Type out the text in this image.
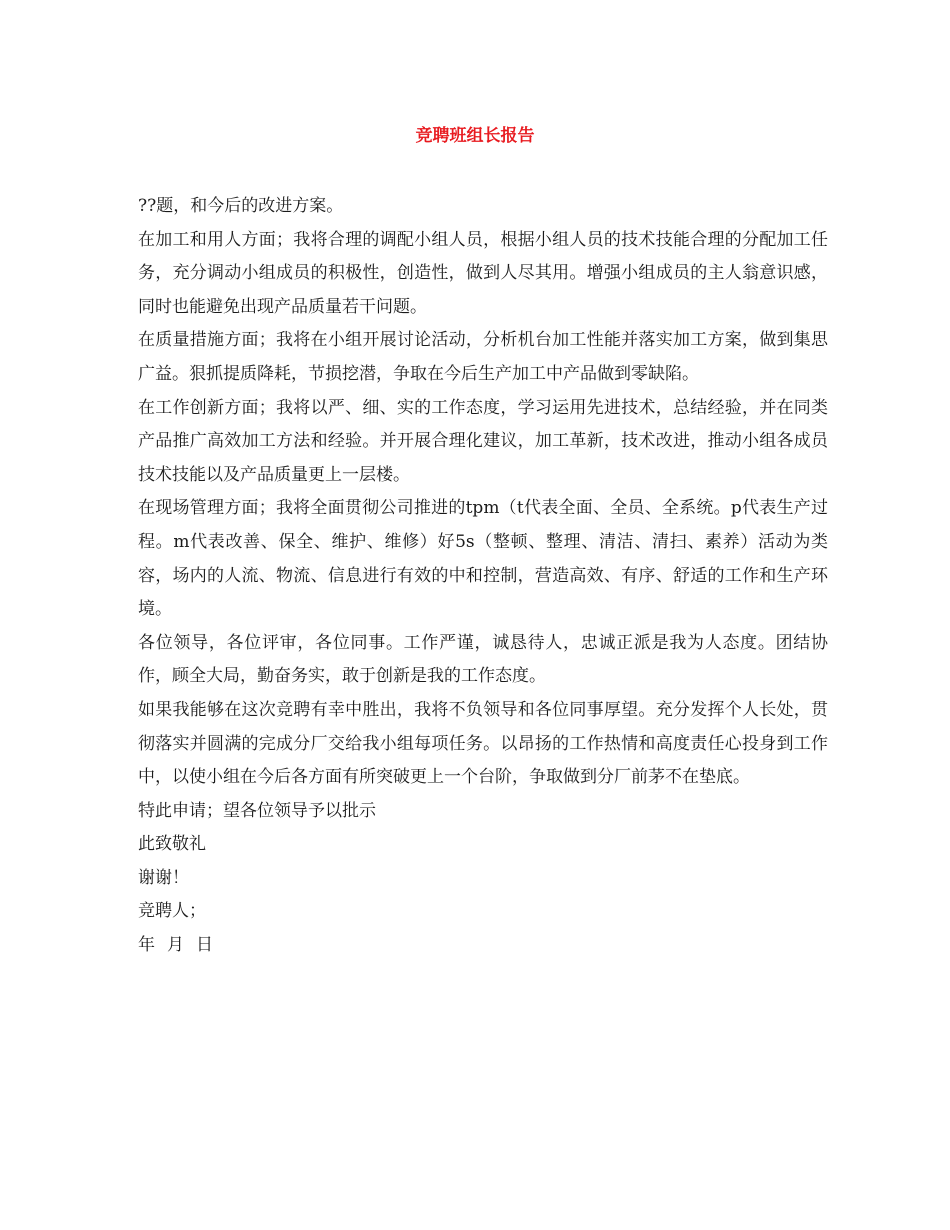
竞聘班组长报告

??题，和今后的改进方案。

在加工和用人方面；我将合理的调配小组人员，根据小组人员的技术技能合理的分配加工任务，充分调动小组成员的积极性，创造性，做到人尽其用。增强小组成员的主人翁意识感，同时也能避免出现产品质量若干问题。

在质量措施方面；我将在小组开展讨论活动，分析机台加工性能并落实加工方案，做到集思广益。狠抓提质降耗，节损挖潜，争取在今后生产加工中产品做到零缺陷。

在工作创新方面；我将以严、细、实的工作态度，学习运用先进技术，总结经验，并在同类产品推广高效加工方法和经验。并开展合理化建议，加工革新，技术改进，推动小组各成员技术技能以及产品质量更上一层楼。

在现场管理方面；我将全面贯彻公司推进的tpm（t代表全面、全员、全系统。p代表生产过程。m代表改善、保全、维护、维修）好5s（整顿、整理、清洁、清扫、素养）活动为类容，场内的人流、物流、信息进行有效的中和控制，营造高效、有序、舒适的工作和生产环境。

各位领导，各位评审，各位同事。工作严谨，诚恳待人，忠诚正派是我为人态度。团结协作，顾全大局，勤奋务实，敢于创新是我的工作态度。

如果我能够在这次竞聘有幸中胜出，我将不负领导和各位同事厚望。充分发挥个人长处，贯彻落实并圆满的完成分厂交给我小组每项任务。以昂扬的工作热情和高度责任心投身到工作中，以使小组在今后各方面有所突破更上一个台阶，争取做到分厂前茅不在垫底。

特此申请；望各位领导予以批示

此致敬礼

谢谢！

竞聘人；

年 月 日
